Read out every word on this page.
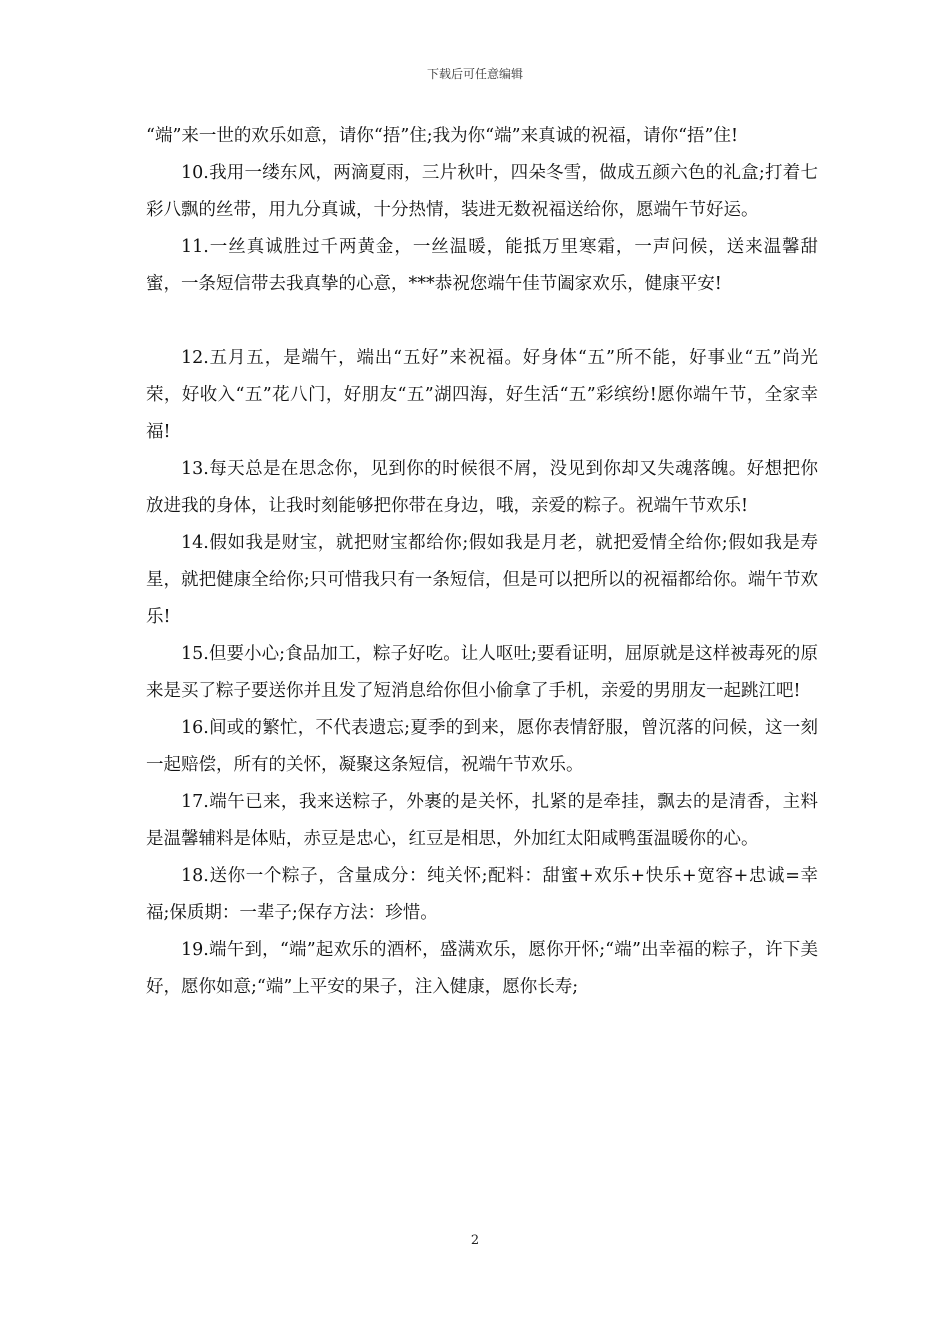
下载后可任意编辑

“端”来一世的欢乐如意，请你“捂”住;我为你“端”来真诚的祝福，请你“捂”住!

10.我用一缕东风，两滴夏雨，三片秋叶，四朵冬雪，做成五颜六色的礼盒;打着七彩八飘的丝带，用九分真诚，十分热情，装进无数祝福送给你，愿端午节好运。

11.一丝真诚胜过千两黄金，一丝温暖，能抵万里寒霜，一声问候，送来温馨甜蜜，一条短信带去我真挚的心意，***恭祝您端午佳节阖家欢乐，健康平安!

12.五月五，是端午，端出“五好”来祝福。好身体“五”所不能，好事业“五”尚光荣，好收入“五”花八门，好朋友“五”湖四海，好生活“五”彩缤纷!愿你端午节，全家幸福!

13.每天总是在思念你，见到你的时候很不屑，没见到你却又失魂落魄。好想把你放进我的身体，让我时刻能够把你带在身边，哦，亲爱的粽子。祝端午节欢乐!

14.假如我是财宝，就把财宝都给你;假如我是月老，就把爱情全给你;假如我是寿星，就把健康全给你;只可惜我只有一条短信，但是可以把所以的祝福都给你。端午节欢乐!

15.但要小心;食品加工，粽子好吃。让人呕吐;要看证明，屈原就是这样被毒死的原来是买了粽子要送你并且发了短消息给你但小偷拿了手机，亲爱的男朋友一起跳江吧!

16.间或的繁忙，不代表遗忘;夏季的到来，愿你表情舒服，曾沉落的问候，这一刻一起赔偿，所有的关怀，凝聚这条短信，祝端午节欢乐。

17.端午已来，我来送粽子，外裹的是关怀，扎紧的是牵挂，飘去的是清香，主料是温馨辅料是体贴，赤豆是忠心，红豆是相思，外加红太阳咸鸭蛋温暖你的心。

18.送你一个粽子，含量成分：纯关怀;配料：甜蜜+欢乐+快乐+宽容+忠诚=幸福;保质期：一辈子;保存方法：珍惜。

19.端午到，“端”起欢乐的酒杯，盛满欢乐，愿你开怀;“端”出幸福的粽子，许下美好，愿你如意;“端”上平安的果子，注入健康，愿你长寿;

2
